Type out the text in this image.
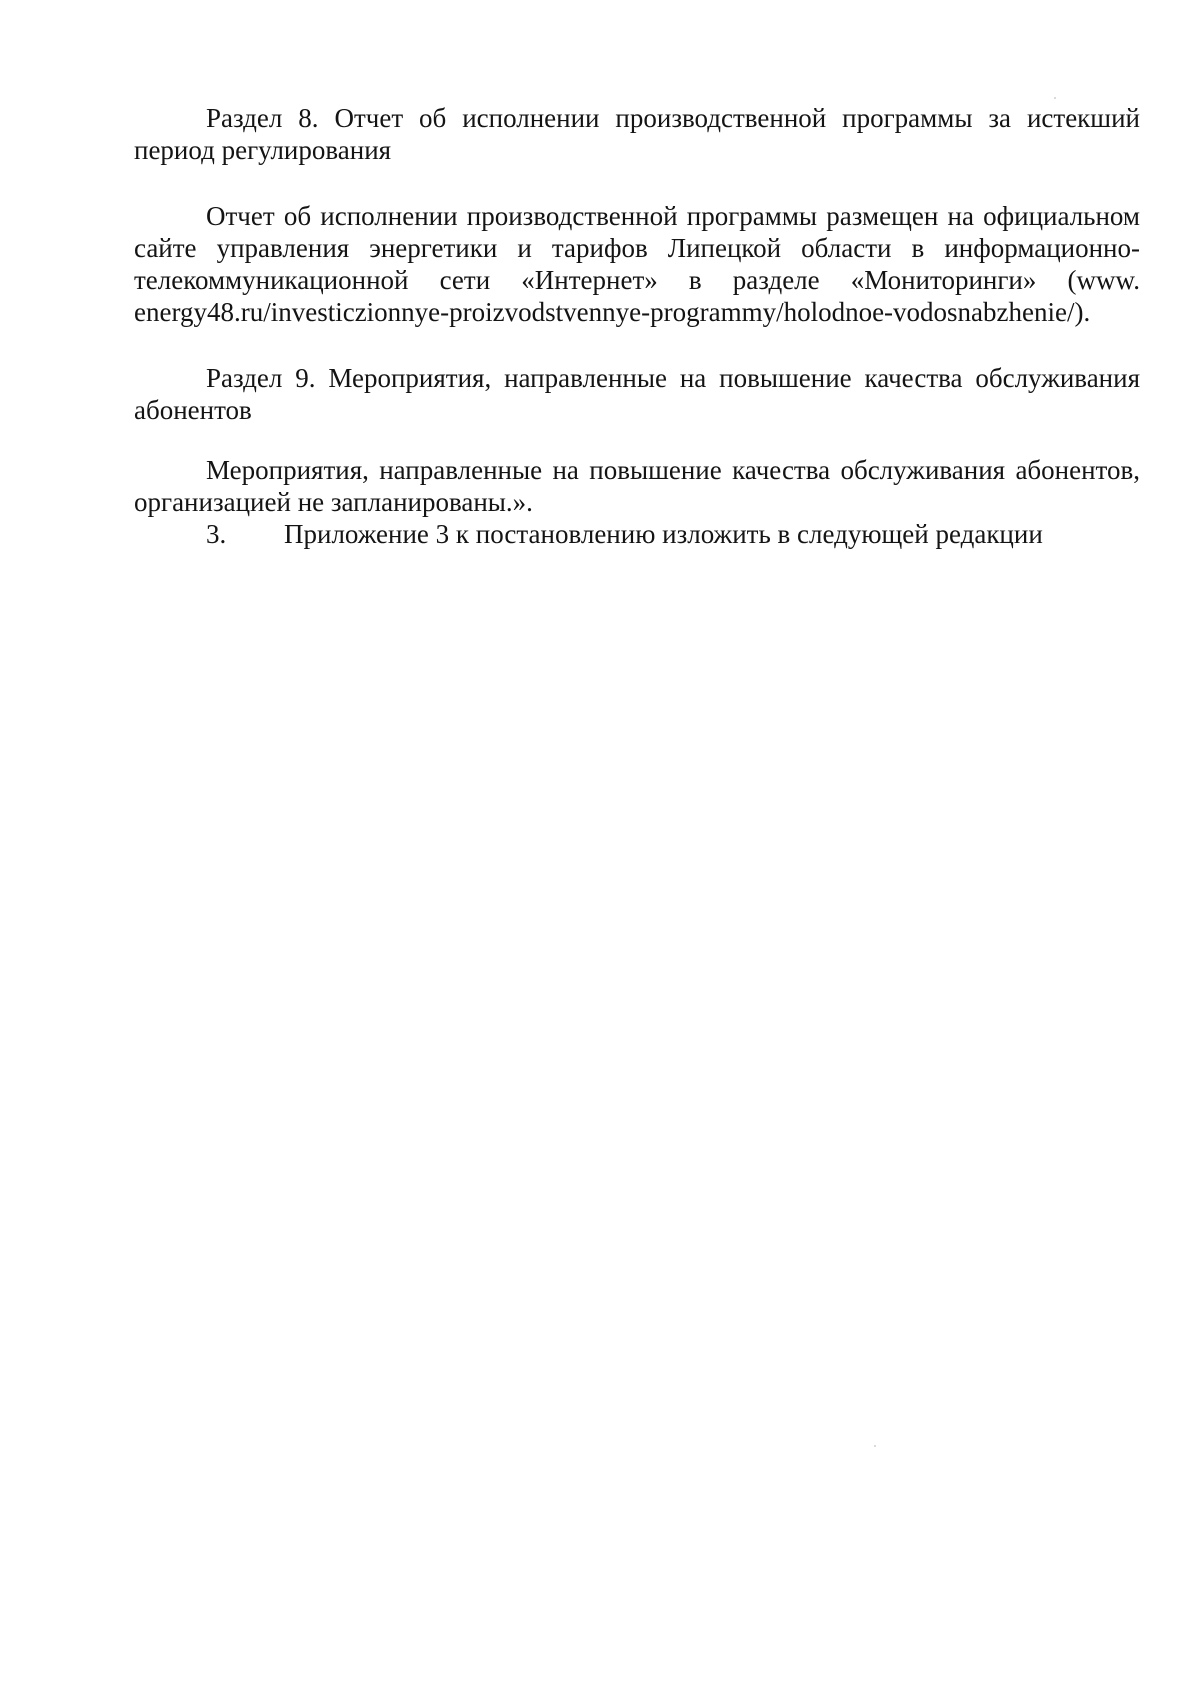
Раздел 8. Отчет об исполнении производственной программы за истекший период регулирования

Отчет об исполнении производственной программы размещен на официальном сайте управления энергетики и тарифов Липецкой области в информационно-телекоммуникационной сети «Интернет» в разделе «Мониторинги» (www. energy48.ru/investiczionnye-proizvodstvennye-programmy/holodnoe-vodosnabzhenie/).

Раздел 9. Мероприятия, направленные на повышение качества обслуживания абонентов

Мероприятия, направленные на повышение качества обслуживания абонентов, организацией не запланированы.».

3.	Приложение 3 к постановлению изложить в следующей редакции
